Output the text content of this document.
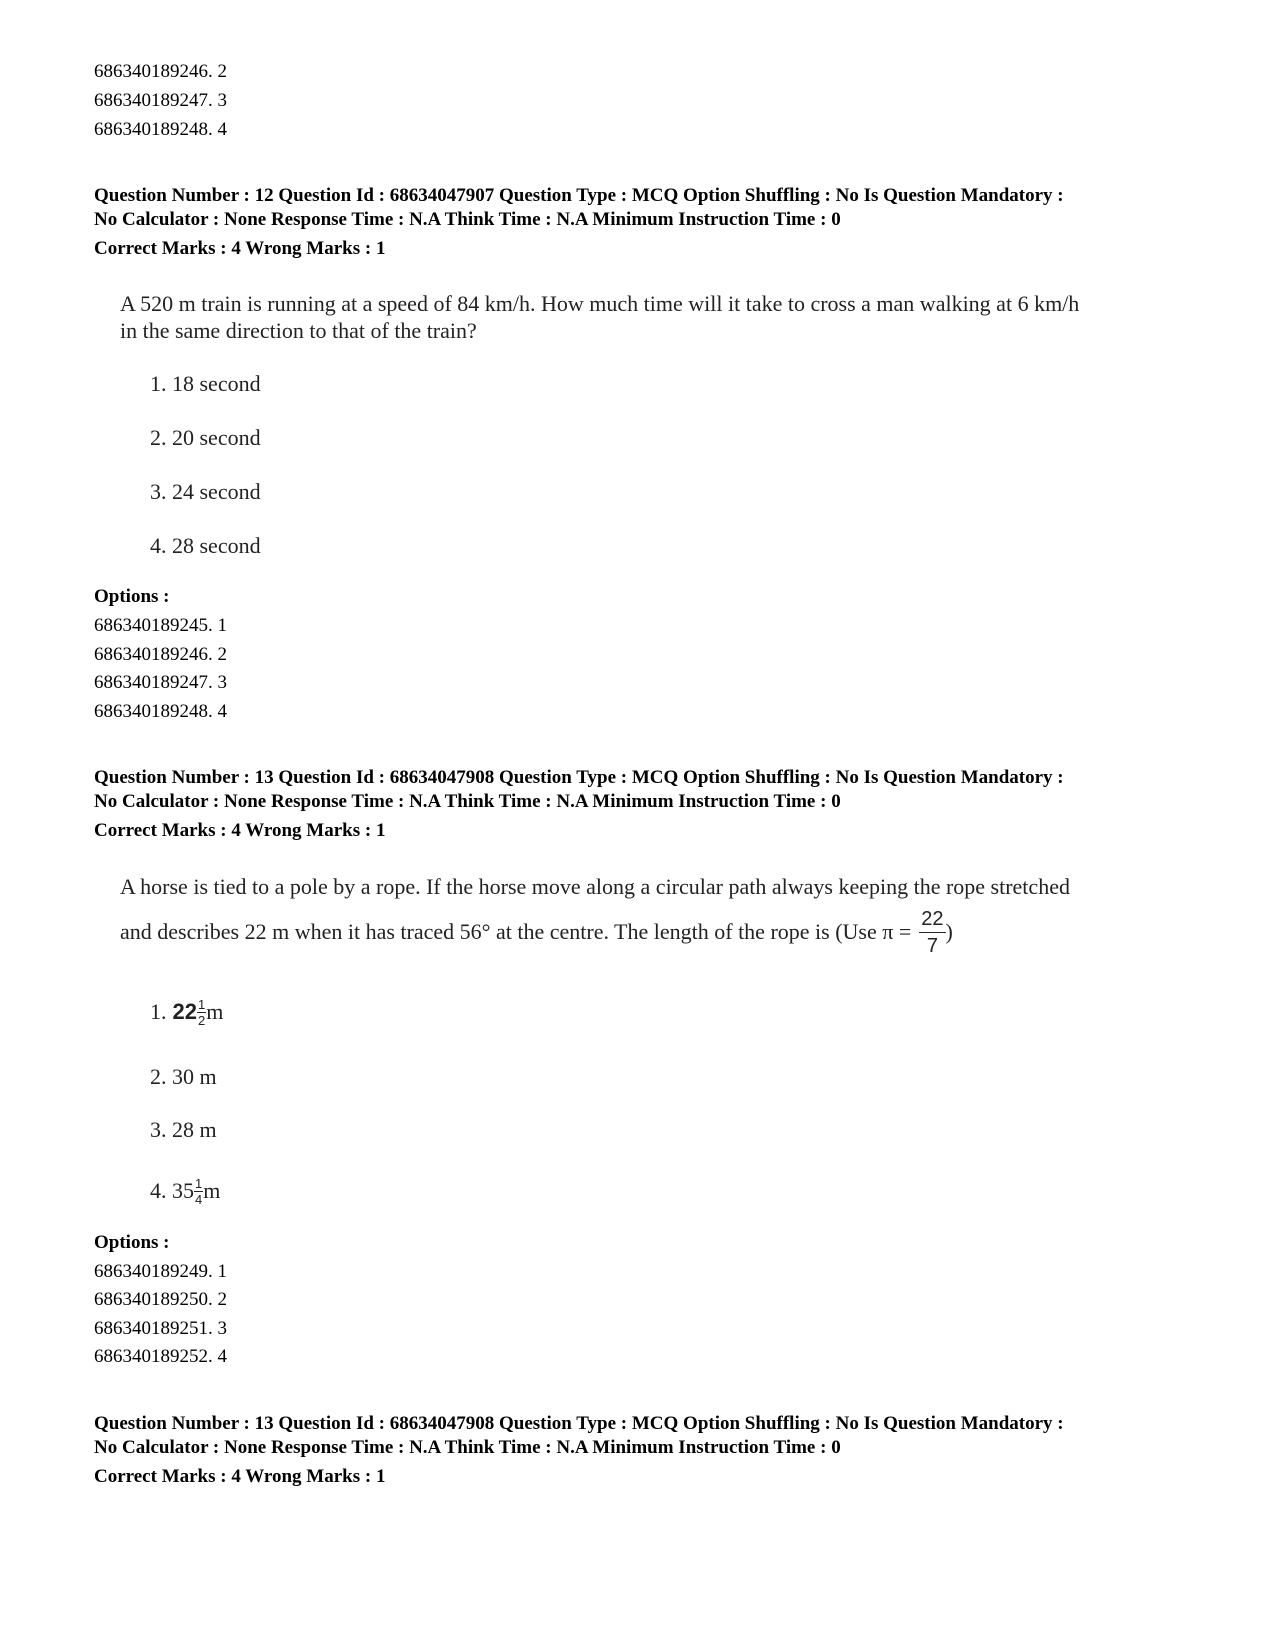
686340189246. 2
686340189247. 3
686340189248. 4
Question Number : 12 Question Id : 68634047907 Question Type : MCQ Option Shuffling : No Is Question Mandatory :
No Calculator : None Response Time : N.A Think Time : N.A Minimum Instruction Time : 0
Correct Marks : 4 Wrong Marks : 1
A 520 m train is running at a speed of 84 km/h. How much time will it take to cross a man walking at 6 km/h
in the same direction to that of the train?
1. 18 second
2. 20 second
3. 24 second
4. 28 second
Options :
686340189245. 1
686340189246. 2
686340189247. 3
686340189248. 4
Question Number : 13 Question Id : 68634047908 Question Type : MCQ Option Shuffling : No Is Question Mandatory :
No Calculator : None Response Time : N.A Think Time : N.A Minimum Instruction Time : 0
Correct Marks : 4 Wrong Marks : 1
A horse is tied to a pole by a rope. If the horse move along a circular path always keeping the rope stretched
and describes 22 m when it has traced 56° at the centre. The length of the rope is (Use $\pi = \frac{22}{7}$ )
1. $22 \frac{1}{2}$ m
2. 30 m
3. 28 m
4. $35 \frac{1}{4}$ m
Options :
686340189249. 1
686340189250. 2
686340189251. 3
686340189252. 4
Question Number : 13 Question Id : 68634047908 Question Type : MCQ Option Shuffling : No Is Question Mandatory :
No Calculator : None Response Time : N.A Think Time : N.A Minimum Instruction Time : 0
Correct Marks : 4 Wrong Marks : 1
